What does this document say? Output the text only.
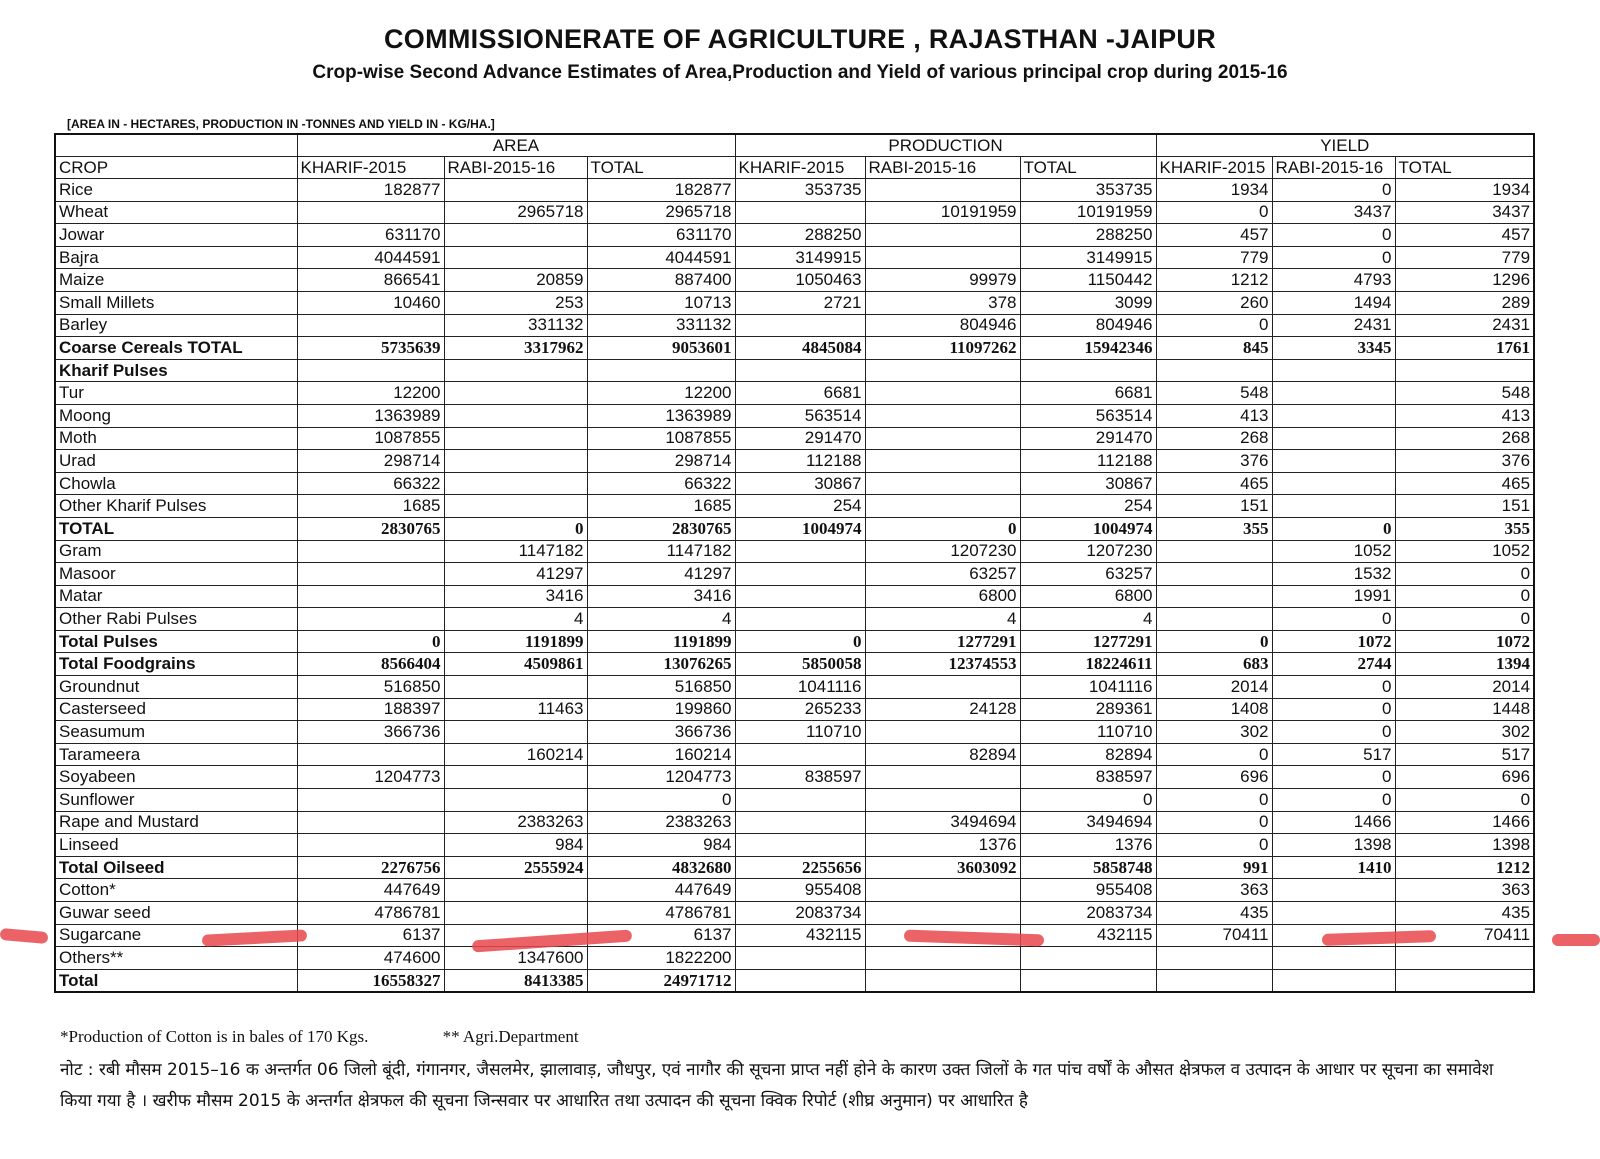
COMMISSIONERATE OF AGRICULTURE , RAJASTHAN -JAIPUR
Crop-wise Second Advance Estimates of Area,Production and Yield of various principal crop during 2015-16
[AREA IN - HECTARES, PRODUCTION IN -TONNES AND YIELD IN - KG/HA.]
	AREA			PRODUCTION			YIELD		
CROP	KHARIF-2015	RABI-2015-16	TOTAL	KHARIF-2015	RABI-2015-16	TOTAL	KHARIF-2015	RABI-2015-16	TOTAL
Rice	182877		182877	353735		353735	1934	0	1934
Wheat		2965718	2965718		10191959	10191959	0	3437	3437
Jowar	631170		631170	288250		288250	457	0	457
Bajra	4044591		4044591	3149915		3149915	779	0	779
Maize	866541	20859	887400	1050463	99979	1150442	1212	4793	1296
Small Millets	10460	253	10713	2721	378	3099	260	1494	289
Barley		331132	331132		804946	804946	0	2431	2431
Coarse Cereals TOTAL	5735639	3317962	9053601	4845084	11097262	15942346	845	3345	1761
Kharif Pulses									
Tur	12200		12200	6681		6681	548		548
Moong	1363989		1363989	563514		563514	413		413
Moth	1087855		1087855	291470		291470	268		268
Urad	298714		298714	112188		112188	376		376
Chowla	66322		66322	30867		30867	465		465
Other Kharif Pulses	1685		1685	254		254	151		151
TOTAL	2830765	0	2830765	1004974	0	1004974	355	0	355
Gram		1147182	1147182		1207230	1207230		1052	1052
Masoor		41297	41297		63257	63257		1532	0
Matar		3416	3416		6800	6800		1991	0
Other Rabi Pulses		4	4		4	4		0	0
Total Pulses	0	1191899	1191899	0	1277291	1277291	0	1072	1072
Total Foodgrains	8566404	4509861	13076265	5850058	12374553	18224611	683	2744	1394
Groundnut	516850		516850	1041116		1041116	2014	0	2014
Casterseed	188397	11463	199860	265233	24128	289361	1408	0	1448
Seasumum	366736		366736	110710		110710	302	0	302
Tarameera		160214	160214		82894	82894	0	517	517
Soyabeen	1204773		1204773	838597		838597	696	0	696
Sunflower			0			0	0	0	0
Rape and Mustard		2383263	2383263		3494694	3494694	0	1466	1466
Linseed		984	984		1376	1376	0	1398	1398
Total Oilseed	2276756	2555924	4832680	2255656	3603092	5858748	991	1410	1212
Cotton*	447649		447649	955408		955408	363		363
Guwar seed	4786781		4786781	2083734		2083734	435		435
Sugarcane	6137		6137	432115		432115	70411		70411
Others**	474600	1347600	1822200						
Total	16558327	8413385	24971712						
*Production of Cotton is in bales of 170 Kgs.	** Agri.Department
नोट : रबी मौसम 2015–16 क अन्तर्गत 06 जिलो बूंदी, गंगानगर, जैसलमेर, झालावाड़, जौधपुर, एवं नागौर की सूचना प्राप्त नहीं होने के कारण उक्त जिलों के गत पांच वर्षों के औसत क्षेत्रफल व उत्पादन के आधार पर सूचना का समावेश किया गया है । खरीफ मौसम 2015 के अन्तर्गत क्षेत्रफल की सूचना जिन्सवार पर आधारित तथा उत्पादन की सूचना क्विक रिपोर्ट (शीघ्र अनुमान) पर आधारित है
